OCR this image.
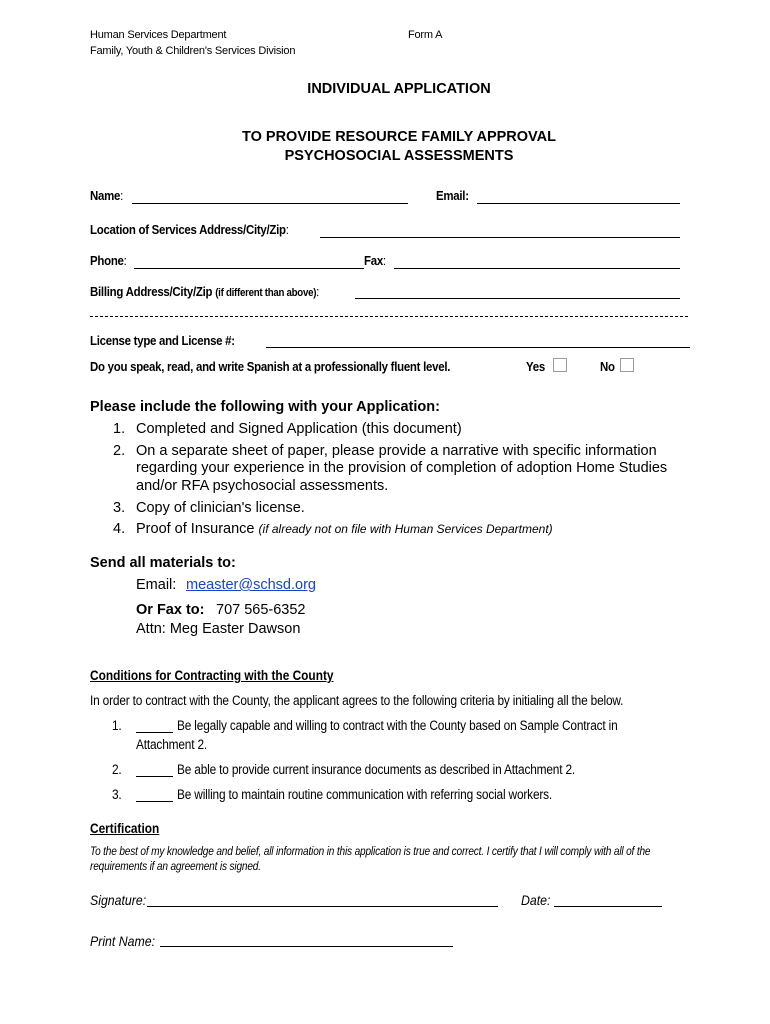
Human Services Department
Family, Youth & Children's Services Division
Form A
INDIVIDUAL APPLICATION
TO PROVIDE RESOURCE FAMILY APPROVAL
PSYCHOSOCIAL ASSESSMENTS
Name:	Email:
Location of Services Address/City/Zip:
Phone:	Fax:
Billing Address/City/Zip (if different than above):
License type and License #:
Do you speak, read, and write Spanish at a professionally fluent level.	Yes	No
Please include the following with your Application:
1. Completed and Signed Application (this document)
2. On a separate sheet of paper, please provide a narrative with specific information
regarding your experience in the provision of completion of adoption Home Studies
and/or RFA psychosocial assessments.
3. Copy of clinician's license.
4. Proof of Insurance (if already not on file with Human Services Department)
Send all materials to:
Email: measter@schsd.org
Or Fax to: 707 565-6352
Attn: Meg Easter Dawson
Conditions for Contracting with the County
In order to contract with the County, the applicant agrees to the following criteria by initialing all the below.
1.	Be legally capable and willing to contract with the County based on Sample Contract in
Attachment 2.
2.	Be able to provide current insurance documents as described in Attachment 2.
3.	Be willing to maintain routine communication with referring social workers.
Certification
To the best of my knowledge and belief, all information in this application is true and correct. I certify that I will comply with all of the
requirements if an agreement is signed.
Signature:	Date:
Print Name:
